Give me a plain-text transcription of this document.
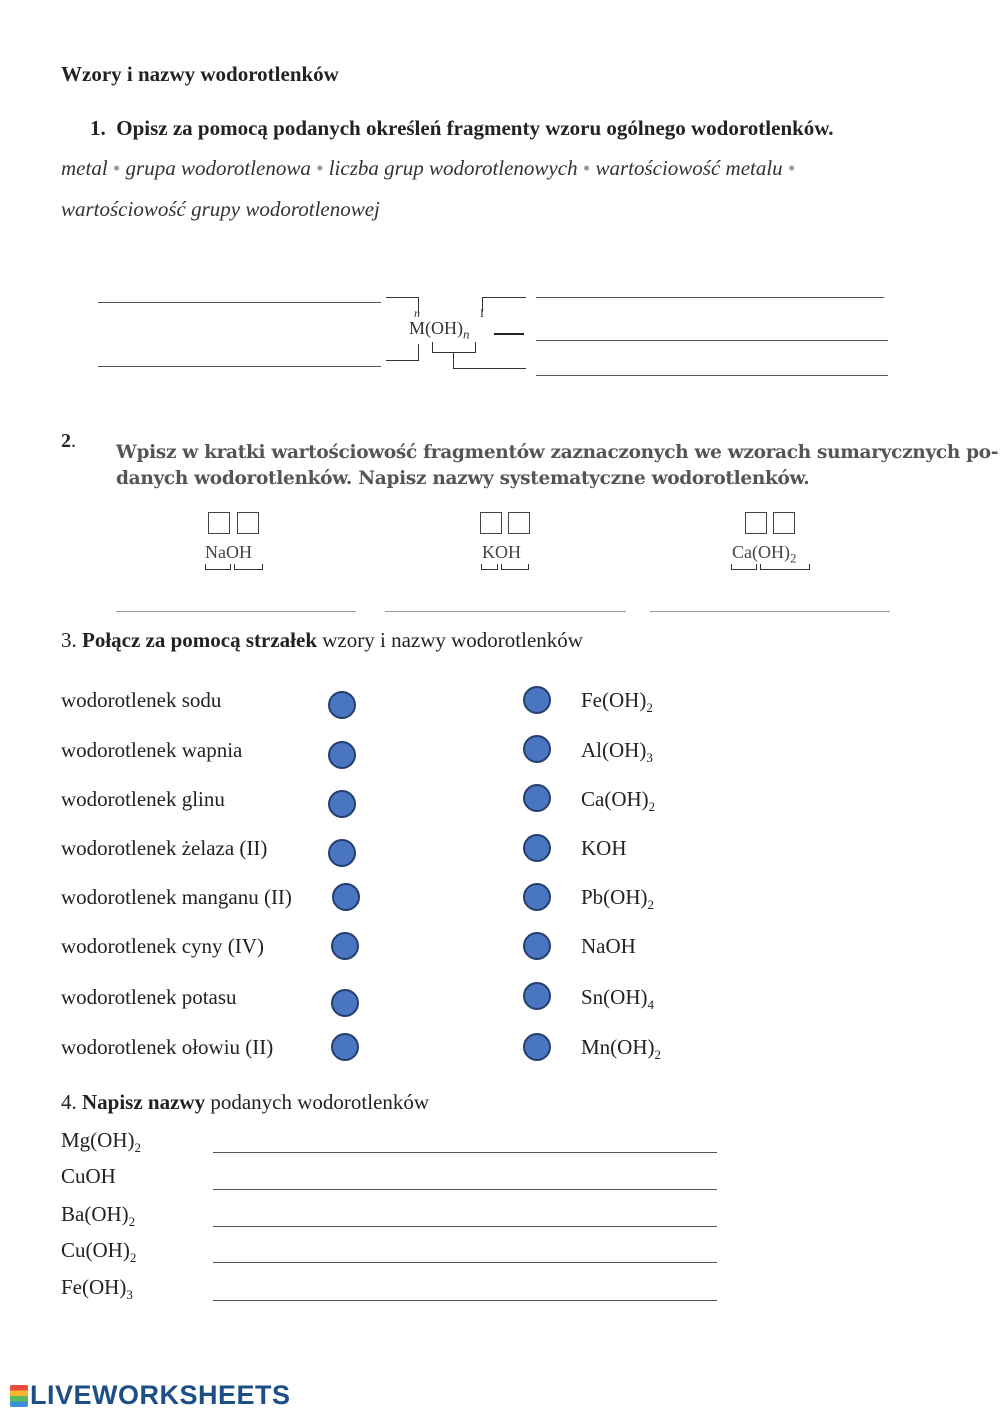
Wzory i nazwy wodorotlenków
1. Opisz za pomocą podanych określeń fragmenty wzoru ogólnego wodorotlenków.
metal • grupa wodorotlenowa • liczba grup wodorotlenowych • wartościowość metalu •
wartościowość grupy wodorotlenowej
$M(OH)_n$
n	I
2.
Wpisz w kratki wartościowość fragmentów zaznaczonych we wzorach sumarycznych po-
danych wodorotlenków. Napisz nazwy systematyczne wodorotlenków.
NaOH	KOH	$Ca(OH)_2$
3. Połącz za pomocą strzałek wzory i nazwy wodorotlenków
wodorotlenek sodu
wodorotlenek wapnia
wodorotlenek glinu
wodorotlenek żelaza (II)
wodorotlenek manganu (II)
wodorotlenek cyny (IV)
wodorotlenek potasu
wodorotlenek ołowiu (II)
$Fe(OH)_2$
$Al(OH)_3$
$Ca(OH)_2$
KOH
$Pb(OH)_2$
NaOH
$Sn(OH)_4$
$Mn(OH)_2$
4. Napisz nazwy podanych wodorotlenków
$Mg(OH)_2$
CuOH
$Ba(OH)_2$
$Cu(OH)_2$
$Fe(OH)_3$
LIVEWORKSHEETS
